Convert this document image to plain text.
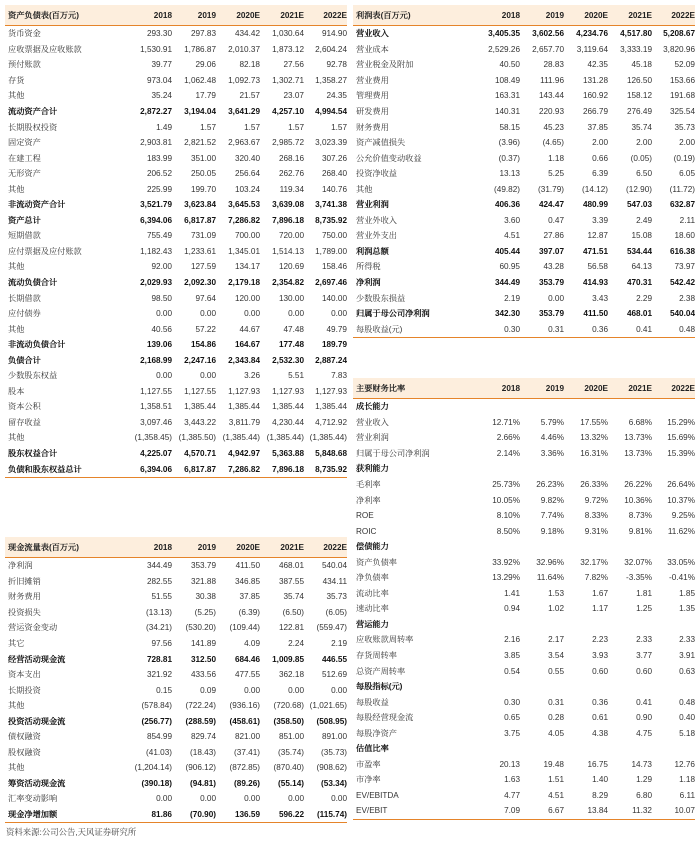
资产负债表(百万元)	2018	2019	2020E	2021E	2022E
货币资金	293.30	297.83	434.42	1,030.64	914.90
应收票据及应收账款	1,530.91	1,786.87	2,010.37	1,873.12	2,604.24
预付账款	39.77	29.06	82.18	27.56	92.78
存货	973.04	1,062.48	1,092.73	1,302.71	1,358.27
其他	35.24	17.79	21.57	23.07	24.35
流动资产合计	2,872.27	3,194.04	3,641.29	4,257.10	4,994.54
长期股权投资	1.49	1.57	1.57	1.57	1.57
固定资产	2,903.81	2,821.52	2,963.67	2,985.72	3,023.39
在建工程	183.99	351.00	320.40	268.16	307.26
无形资产	206.52	250.05	256.64	262.76	268.40
其他	225.99	199.70	103.24	119.34	140.76
非流动资产合计	3,521.79	3,623.84	3,645.53	3,639.08	3,741.38
资产总计	6,394.06	6,817.87	7,286.82	7,896.18	8,735.92
短期借款	755.49	731.09	700.00	720.00	750.00
应付票据及应付账款	1,182.43	1,233.61	1,345.01	1,514.13	1,789.00
其他	92.00	127.59	134.17	120.69	158.46
流动负债合计	2,029.93	2,092.30	2,179.18	2,354.82	2,697.46
长期借款	98.50	97.64	120.00	130.00	140.00
应付债券	0.00	0.00	0.00	0.00	0.00
其他	40.56	57.22	44.67	47.48	49.79
非流动负债合计	139.06	154.86	164.67	177.48	189.79
负债合计	2,168.99	2,247.16	2,343.84	2,532.30	2,887.24
少数股东权益	0.00	0.00	3.26	5.51	7.83
股本	1,127.55	1,127.55	1,127.93	1,127.93	1,127.93
资本公积	1,358.51	1,385.44	1,385.44	1,385.44	1,385.44
留存收益	3,097.46	3,443.22	3,811.79	4,230.44	4,712.92
其他	(1,358.45) (1,385.50) (1,385.44) (1,385.44) (1,385.44)
股东权益合计	4,225.07	4,570.71	4,942.97	5,363.88	5,848.68
负债和股东权益总计	6,394.06	6,817.87	7,286.82	7,896.18	8,735.92
利润表(百万元)	2018	2019	2020E	2021E	2022E
营业收入	3,405.35	3,602.56	4,234.76	4,517.80	5,208.67
营业成本	2,529.26	2,657.70	3,119.64	3,333.19	3,820.96
营业税金及附加	40.50	28.83	42.35	45.18	52.09
营业费用	108.49	111.96	131.28	126.50	153.66
管理费用	163.31	143.44	160.92	158.12	191.68
研发费用	140.31	220.93	266.79	276.49	325.54
财务费用	58.15	45.23	37.85	35.74	35.73
资产减值损失	(3.96)	(4.65)	2.00	2.00	2.00
公允价值变动收益	(0.37)	1.18	0.66	(0.05)	(0.19)
投资净收益	13.13	5.25	6.39	6.50	6.05
其他	(49.82)	(31.79)	(14.12)	(12.90)	(11.72)
营业利润	406.36	424.47	480.99	547.03	632.87
营业外收入	3.60	0.47	3.39	2.49	2.11
营业外支出	4.51	27.86	12.87	15.08	18.60
利润总额	405.44	397.07	471.51	534.44	616.38
所得税	60.95	43.28	56.58	64.13	73.97
净利润	344.49	353.79	414.93	470.31	542.42
少数股东损益	2.19	0.00	3.43	2.29	2.38
归属于母公司净利润	342.30	353.79	411.50	468.01	540.04
每股收益(元)	0.30	0.31	0.36	0.41	0.48
现金流量表(百万元)	2018	2019	2020E	2021E	2022E
净利润	344.49	353.79	411.50	468.01	540.04
折旧摊销	282.55	321.88	346.85	387.55	434.11
财务费用	51.55	30.38	37.85	35.74	35.73
投资损失	(13.13)	(5.25)	(6.39)	(6.50)	(6.05)
营运资金变动	(34.21)	(530.20)	(109.44)	122.81	(559.47)
其它	97.56	141.89	4.09	2.24	2.19
经营活动现金流	728.81	312.50	684.46	1,009.85	446.55
资本支出	321.92	433.56	477.55	362.18	512.69
长期投资	0.15	0.09	0.00	0.00	0.00
其他	(578.84)	(722.24)	(936.16)	(720.68) (1,021.65)
投资活动现金流	(256.77)	(288.59)	(458.61)	(358.50)	(508.95)
债权融资	854.99	829.74	821.00	851.00	891.00
股权融资	(41.03)	(18.43)	(37.41)	(35.74)	(35.73)
其他	(1,204.14)	(906.12)	(872.85)	(870.40)	(908.62)
筹资活动现金流	(390.18)	(94.81)	(89.26)	(55.14)	(53.34)
汇率变动影响	0.00	0.00	0.00	0.00	0.00
现金净增加额	81.86	(70.90)	136.59	596.22	(115.74)
主要财务比率	2018	2019	2020E	2021E	2022E
成长能力
营业收入	12.71%	5.79%	17.55%	6.68%	15.29%
营业利润	2.66%	4.46%	13.32%	13.73%	15.69%
归属于母公司净利润	2.14%	3.36%	16.31%	13.73%	15.39%
获利能力
毛利率	25.73%	26.23%	26.33%	26.22%	26.64%
净利率	10.05%	9.82%	9.72%	10.36%	10.37%
ROE	8.10%	7.74%	8.33%	8.73%	9.25%
ROIC	8.50%	9.18%	9.31%	9.81%	11.62%
偿债能力
资产负债率	33.92%	32.96%	32.17%	32.07%	33.05%
净负债率	13.29%	11.64%	7.82%	-3.35%	-0.41%
流动比率	1.41	1.53	1.67	1.81	1.85
速动比率	0.94	1.02	1.17	1.25	1.35
营运能力
应收账款周转率	2.16	2.17	2.23	2.33	2.33
存货周转率	3.85	3.54	3.93	3.77	3.91
总资产周转率	0.54	0.55	0.60	0.60	0.63
每股指标(元)
每股收益	0.30	0.31	0.36	0.41	0.48
每股经营现金流	0.65	0.28	0.61	0.90	0.40
每股净资产	3.75	4.05	4.38	4.75	5.18
估值比率
市盈率	20.13	19.48	16.75	14.73	12.76
市净率	1.63	1.51	1.40	1.29	1.18
EV/EBITDA	4.77	4.51	8.29	6.80	6.11
EV/EBIT	7.09	6.67	13.84	11.32	10.07
资料来源:公司公告,天风证券研究所
